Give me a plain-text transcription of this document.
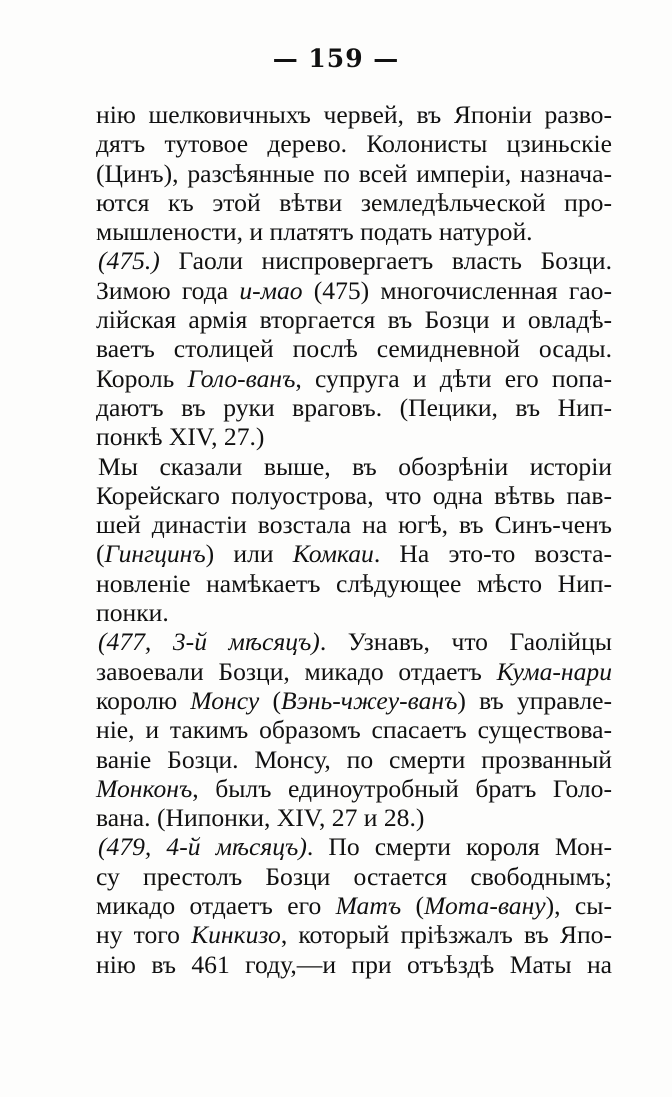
— 159 —
нію шелковичныхъ червей, въ Японіи разво-
дятъ тутовое дерево. Колонисты цзиньскіе
(Цинъ), разсѣянные по всей имперіи, назнача-
ются къ этой вѣтви земледѣльческой про-
мышлености, и платятъ подать натурой.
(475.) Гаоли ниспровергаетъ власть Бозци.
Зимою года и-мао (475) многочисленная гао-
лійская армія вторгается въ Бозци и овладѣ-
ваетъ столицей послѣ семидневной осады.
Король Голо-ванъ, супруга и дѣти его попа-
даютъ въ руки враговъ. (Пецики, въ Нип-
понкѣ XIV, 27.)
Мы сказали выше, въ обозрѣніи исторіи
Корейскаго полуострова, что одна вѣтвь пав-
шей династіи возстала на югѣ, въ Синъ-ченъ
(Гингцинъ) или Комкаи. На это-то возста-
новленіе намѣкаетъ слѣдующее мѣсто Нип-
понки.
(477, 3-й мѣсяцъ). Узнавъ, что Гаолійцы
завоевали Бозци, микадо отдаетъ Кума-нари
королю Монсу (Вэнь-чжеу-ванъ) въ управле-
ніе, и такимъ образомъ спасаетъ существова-
ваніе Бозци. Монсу, по смерти прозванный
Монконъ, былъ единоутробный братъ Голо-
вана. (Нипонки, XIV, 27 и 28.)
(479, 4-й мѣсяцъ). По смерти короля Мон-
су престолъ Бозци остается свободнымъ;
микадо отдаетъ его Матъ (Мота-вану), сы-
ну того Кинкизо, который пріѣзжалъ въ Япо-
нію въ 461 году,—и при отъѣздѣ Маты на
